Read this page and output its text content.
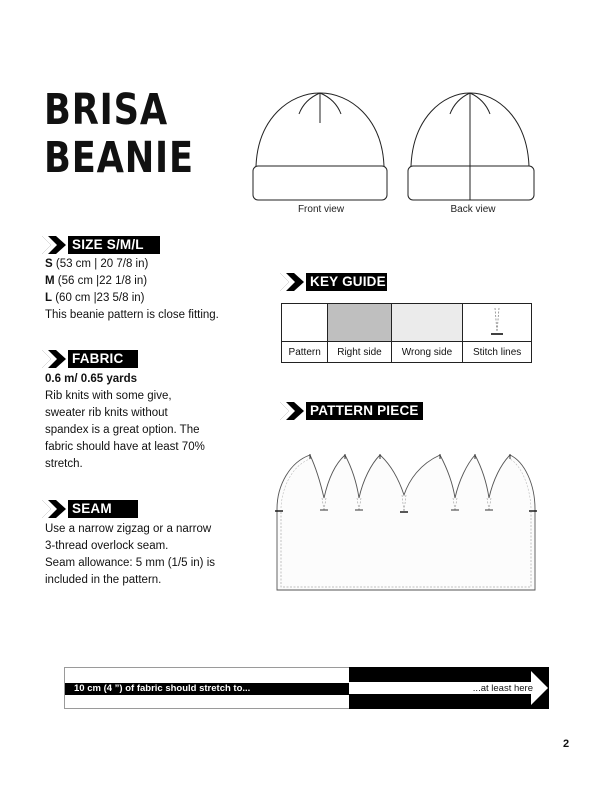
BRISA
BEANIE
Front view	Back view
SIZE S/M/L

S (53 cm | 20 7/8 in)

M (56 cm |22 1/8 in)

L (60 cm |23 5/8 in)

This beanie pattern is close fitting.

FABRIC

0.6 m/ 0.65 yards

Rib knits with some give,

sweater rib knits without

spandex is a great option. The

fabric should have at least 70%

stretch.

SEAM

Use a narrow zigzag or a narrow

3-thread overlock seam.

Seam allowance: 5 mm (1/5 in) is

included in the pattern.

KEY GUIDE

Pattern	Right side	Wrong side	Stitch lines
PATTERN PIECE
10 cm (4 ”) of fabric should stretch to...	...at least here
2
